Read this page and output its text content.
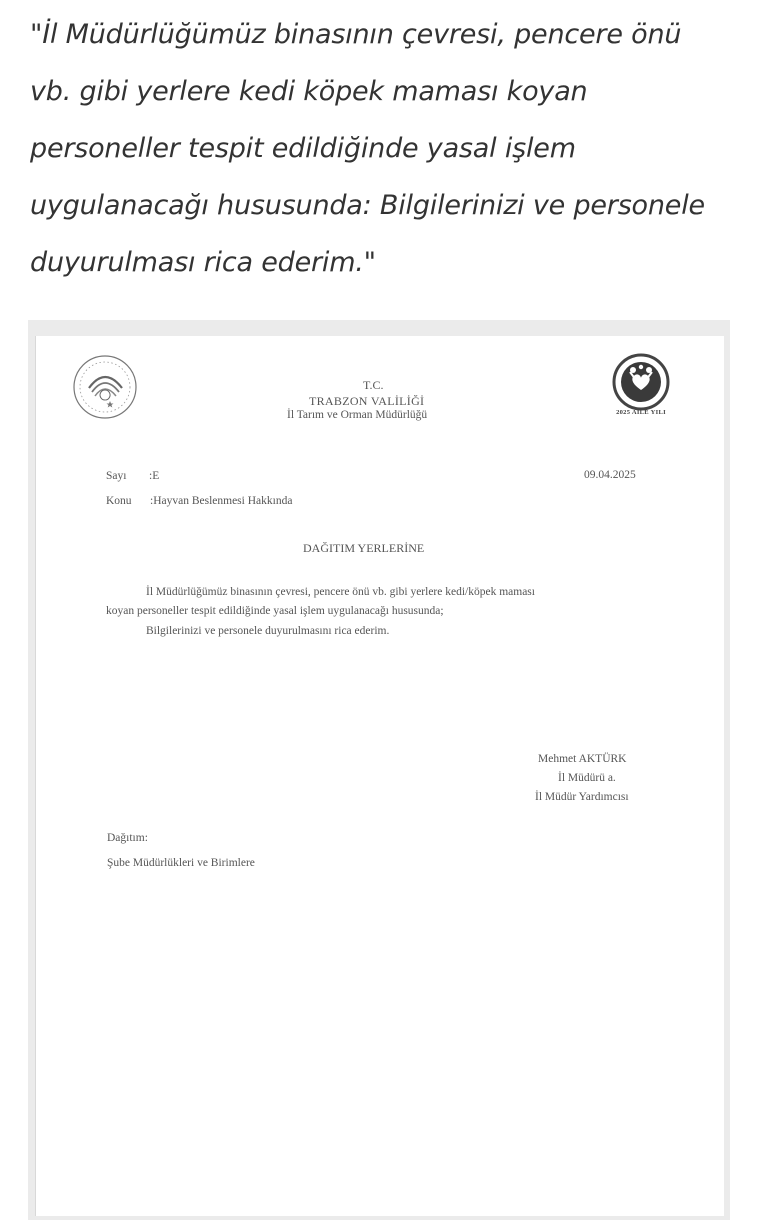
"İl Müdürlüğümüz binasının çevresi, pencere önü
vb. gibi yerlere kedi köpek maması koyan
personeller tespit edildiğinde yasal işlem
uygulanacağı hususunda: Bilgilerinizi ve personele
duyurulması rica ederim."
2025 AİLE YILI
T.C.
TRABZON VALİLİĞİ
İl Tarım ve Orman Müdürlüğü
Sayı :E	09.04.2025
Konu :Hayvan Beslenmesi Hakkında
DAĞITIM YERLERİNE
İl Müdürlüğümüz binasının çevresi, pencere önü vb. gibi yerlere kedi/köpek maması
koyan personeller tespit edildiğinde yasal işlem uygulanacağı hususunda;
Bilgilerinizi ve personele duyurulmasını rica ederim.
Mehmet AKTÜRK
İl Müdürü a.
İl Müdür Yardımcısı
Dağıtım:
Şube Müdürlükleri ve Birimlere
